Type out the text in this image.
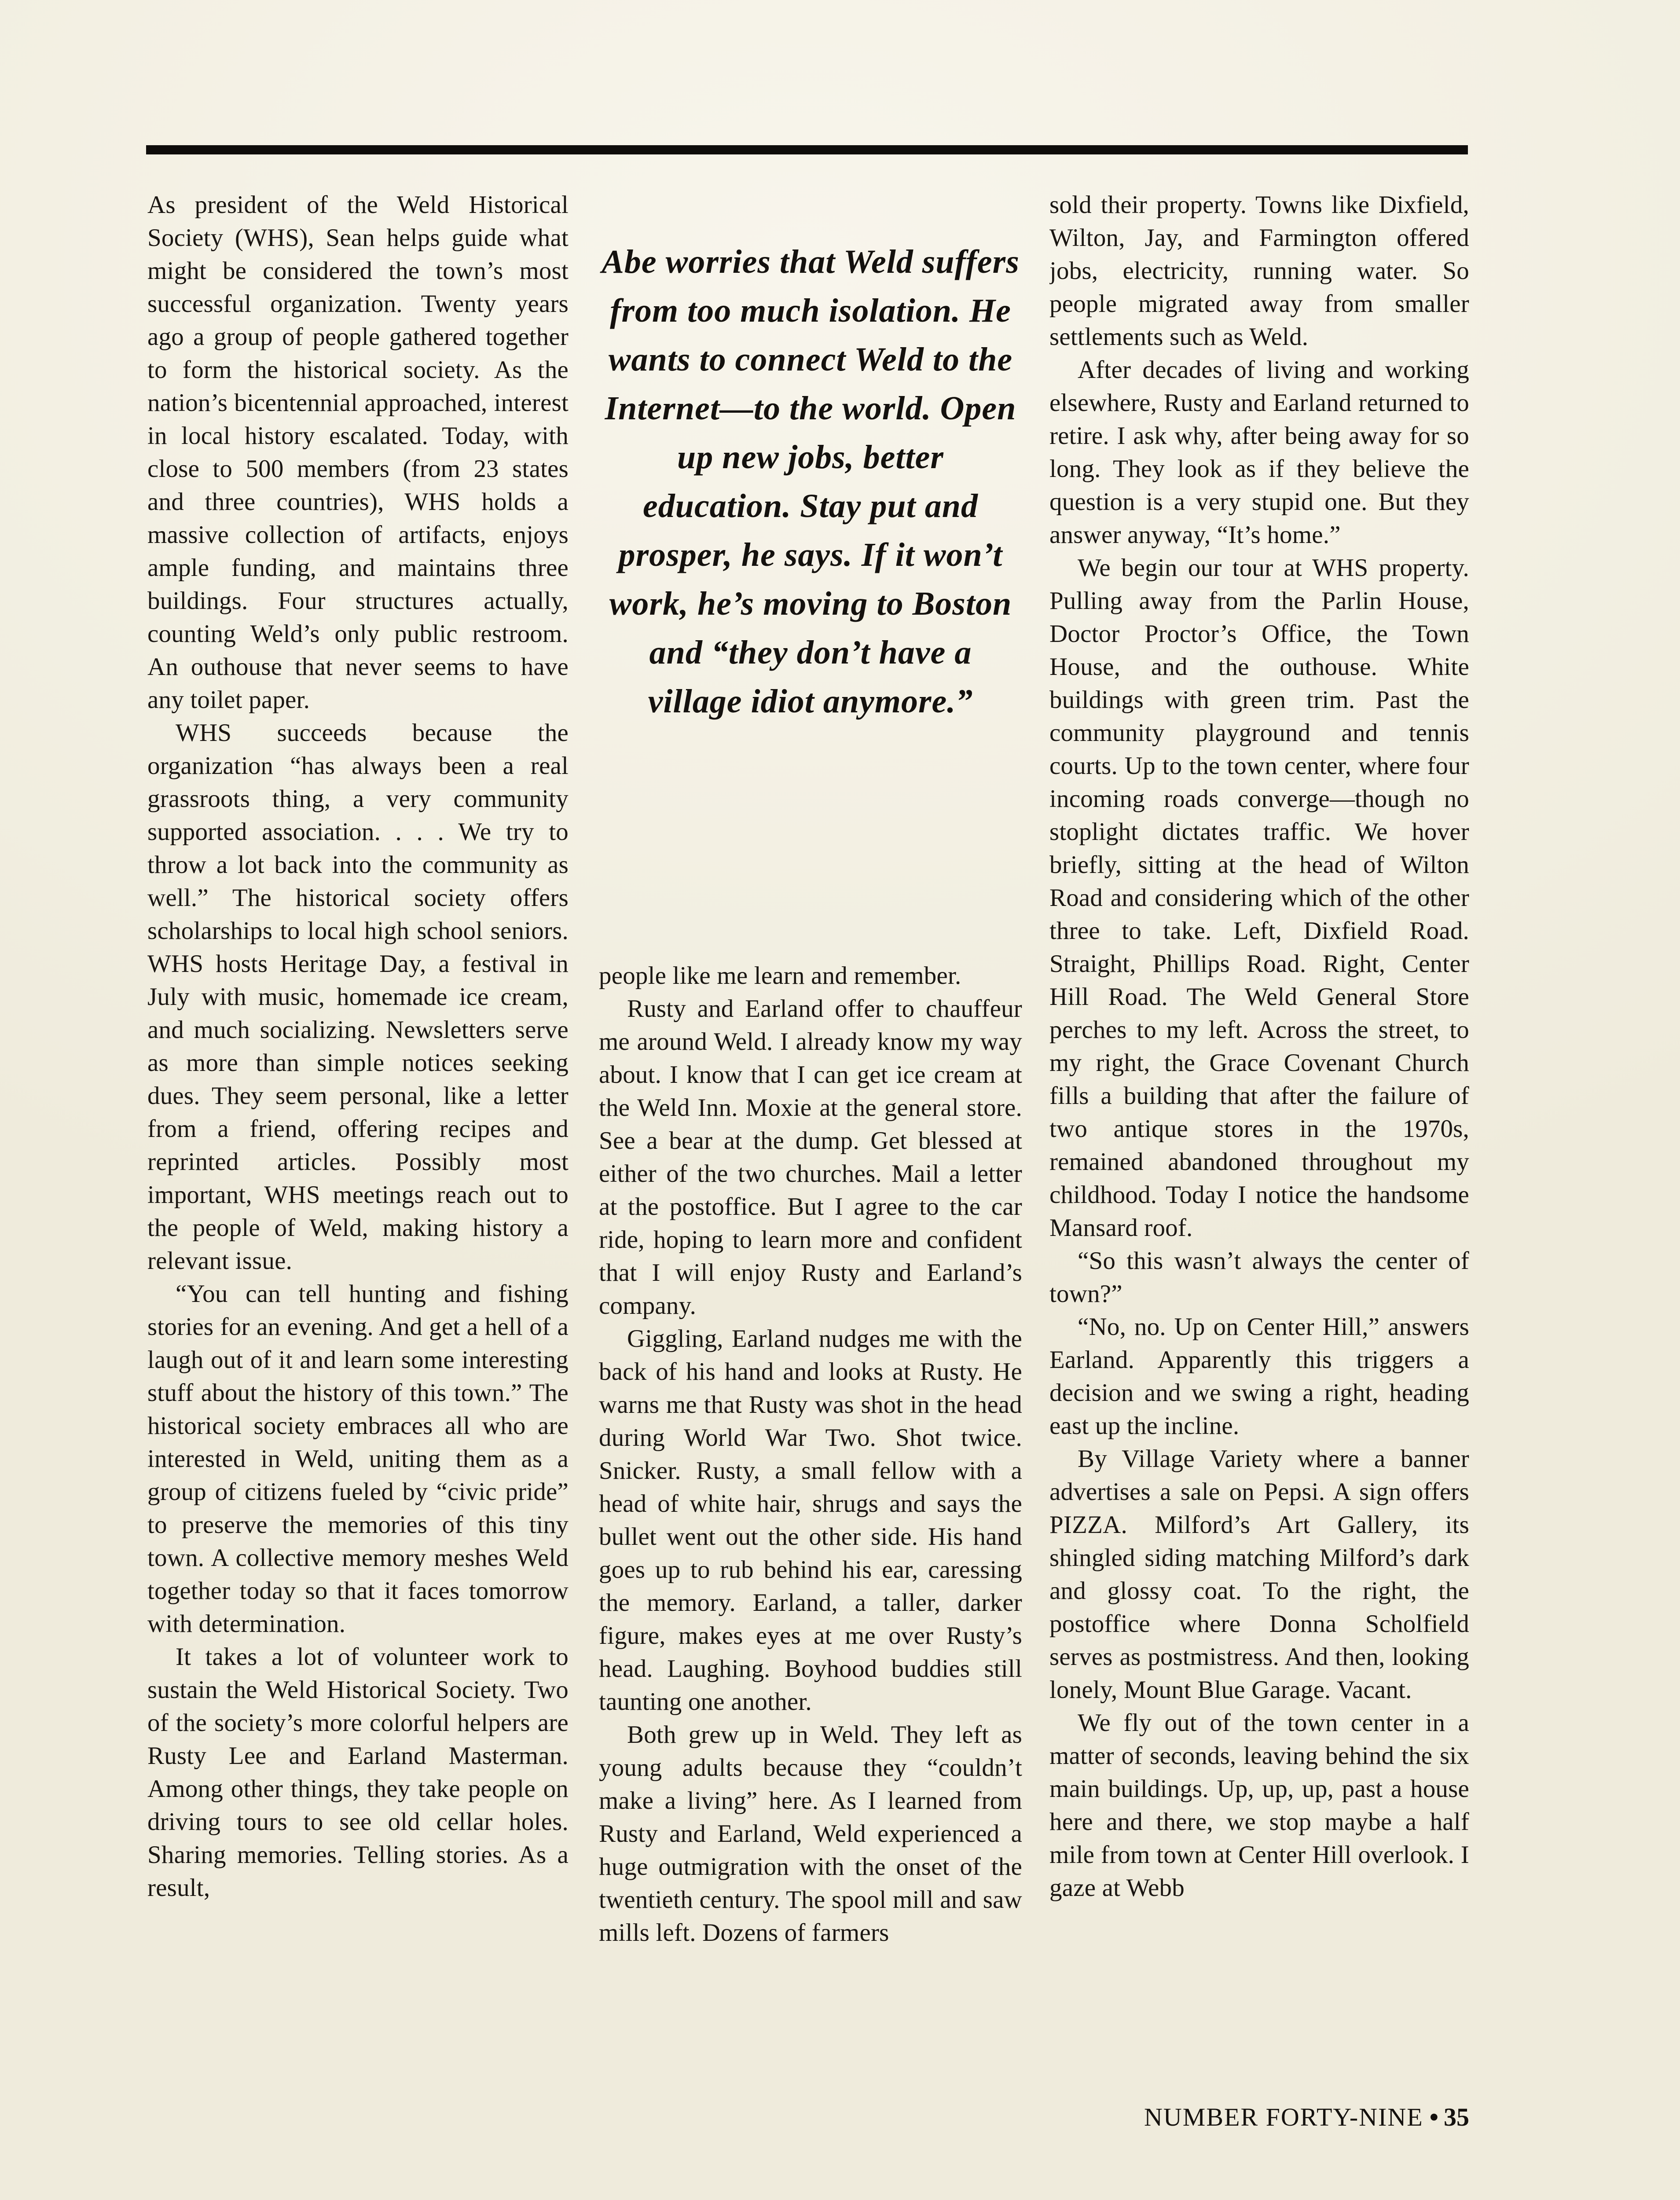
Abe worries that Weld suffers from too much isolation. He wants to connect Weld to the Internet—to the world. Open up new jobs, better education. Stay put and prosper, he says. If it won’t work, he’s moving to Boston and “they don’t have a village idiot anymore.”

As president of the Weld Historical Society (WHS), Sean helps guide what might be considered the town’s most successful organization. Twenty years ago a group of people gathered together to form the historical society. As the nation’s bicentennial approached, interest in local history escalated. Today, with close to 500 members (from 23 states and three countries), WHS holds a massive collection of artifacts, enjoys ample funding, and maintains three buildings. Four structures actually, counting Weld’s only public restroom. An outhouse that never seems to have any toilet paper.

WHS succeeds because the organization “has always been a real grassroots thing, a very community supported association. . . . We try to throw a lot back into the community as well.” The historical society offers scholarships to local high school seniors. WHS hosts Heritage Day, a festival in July with music, homemade ice cream, and much socializing. Newsletters serve as more than simple notices seeking dues. They seem personal, like a letter from a friend, offering recipes and reprinted articles. Possibly most important, WHS meetings reach out to the people of Weld, making history a relevant issue.

“You can tell hunting and fishing stories for an evening. And get a hell of a laugh out of it and learn some interesting stuff about the history of this town.” The historical society embraces all who are interested in Weld, uniting them as a group of citizens fueled by “civic pride” to preserve the memories of this tiny town. A collective memory meshes Weld together today so that it faces tomorrow with determination.

It takes a lot of volunteer work to sustain the Weld Historical Society. Two of the society’s more colorful helpers are Rusty Lee and Earland Masterman. Among other things, they take people on driving tours to see old cellar holes. Sharing memories. Telling stories. As a result,

people like me learn and remember.

Rusty and Earland offer to chauffeur me around Weld. I already know my way about. I know that I can get ice cream at the Weld Inn. Moxie at the general store. See a bear at the dump. Get blessed at either of the two churches. Mail a letter at the postoffice. But I agree to the car ride, hoping to learn more and confident that I will enjoy Rusty and Earland’s company.

Giggling, Earland nudges me with the back of his hand and looks at Rusty. He warns me that Rusty was shot in the head during World War Two. Shot twice. Snicker. Rusty, a small fellow with a head of white hair, shrugs and says the bullet went out the other side. His hand goes up to rub behind his ear, caressing the memory. Earland, a taller, darker figure, makes eyes at me over Rusty’s head. Laughing. Boyhood buddies still taunting one another.

Both grew up in Weld. They left as young adults because they “couldn’t make a living” here. As I learned from Rusty and Earland, Weld experienced a huge outmigration with the onset of the twentieth century. The spool mill and saw mills left. Dozens of farmers

sold their property. Towns like Dixfield, Wilton, Jay, and Farmington offered jobs, electricity, running water. So people migrated away from smaller settlements such as Weld.

After decades of living and working elsewhere, Rusty and Earland returned to retire. I ask why, after being away for so long. They look as if they believe the question is a very stupid one. But they answer anyway, “It’s home.”

We begin our tour at WHS property. Pulling away from the Parlin House, Doctor Proctor’s Office, the Town House, and the outhouse. White buildings with green trim. Past the community playground and tennis courts. Up to the town center, where four incoming roads converge—though no stoplight dictates traffic. We hover briefly, sitting at the head of Wilton Road and considering which of the other three to take. Left, Dixfield Road. Straight, Phillips Road. Right, Center Hill Road. The Weld General Store perches to my left. Across the street, to my right, the Grace Covenant Church fills a building that after the failure of two antique stores in the 1970s, remained abandoned throughout my childhood. Today I notice the handsome Mansard roof.

“So this wasn’t always the center of town?”

“No, no. Up on Center Hill,” answers Earland. Apparently this triggers a decision and we swing a right, heading east up the incline.

By Village Variety where a banner advertises a sale on Pepsi. A sign offers PIZZA. Milford’s Art Gallery, its shingled siding matching Milford’s dark and glossy coat. To the right, the postoffice where Donna Scholfield serves as postmistress. And then, looking lonely, Mount Blue Garage. Vacant.

We fly out of the town center in a matter of seconds, leaving behind the six main buildings. Up, up, up, past a house here and there, we stop maybe a half mile from town at Center Hill overlook. I gaze at Webb

NUMBER FORTY-NINE • 35
